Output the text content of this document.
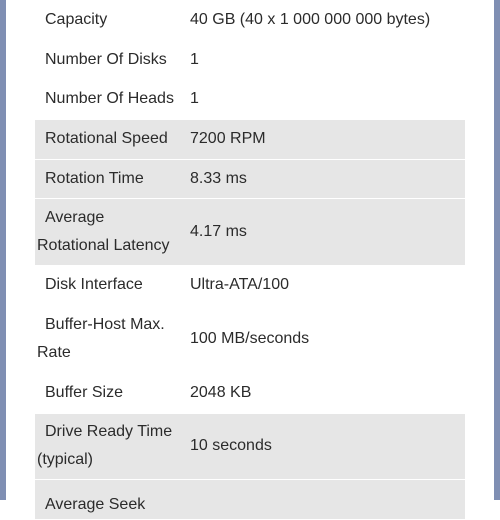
Capacity	40 GB (40 x 1 000 000 000 bytes)
Number Of Disks	1
Number Of Heads	1
Rotational Speed	7200 RPM
Rotation Time	8.33 ms

Average
Rotational Latency	4.17 ms
Disk Interface	Ultra-ATA/100

Buffer-Host Max.
Rate	100 MB/seconds
Buffer Size	2048 KB

Drive Ready Time
(typical)	10 seconds

Average Seek	
